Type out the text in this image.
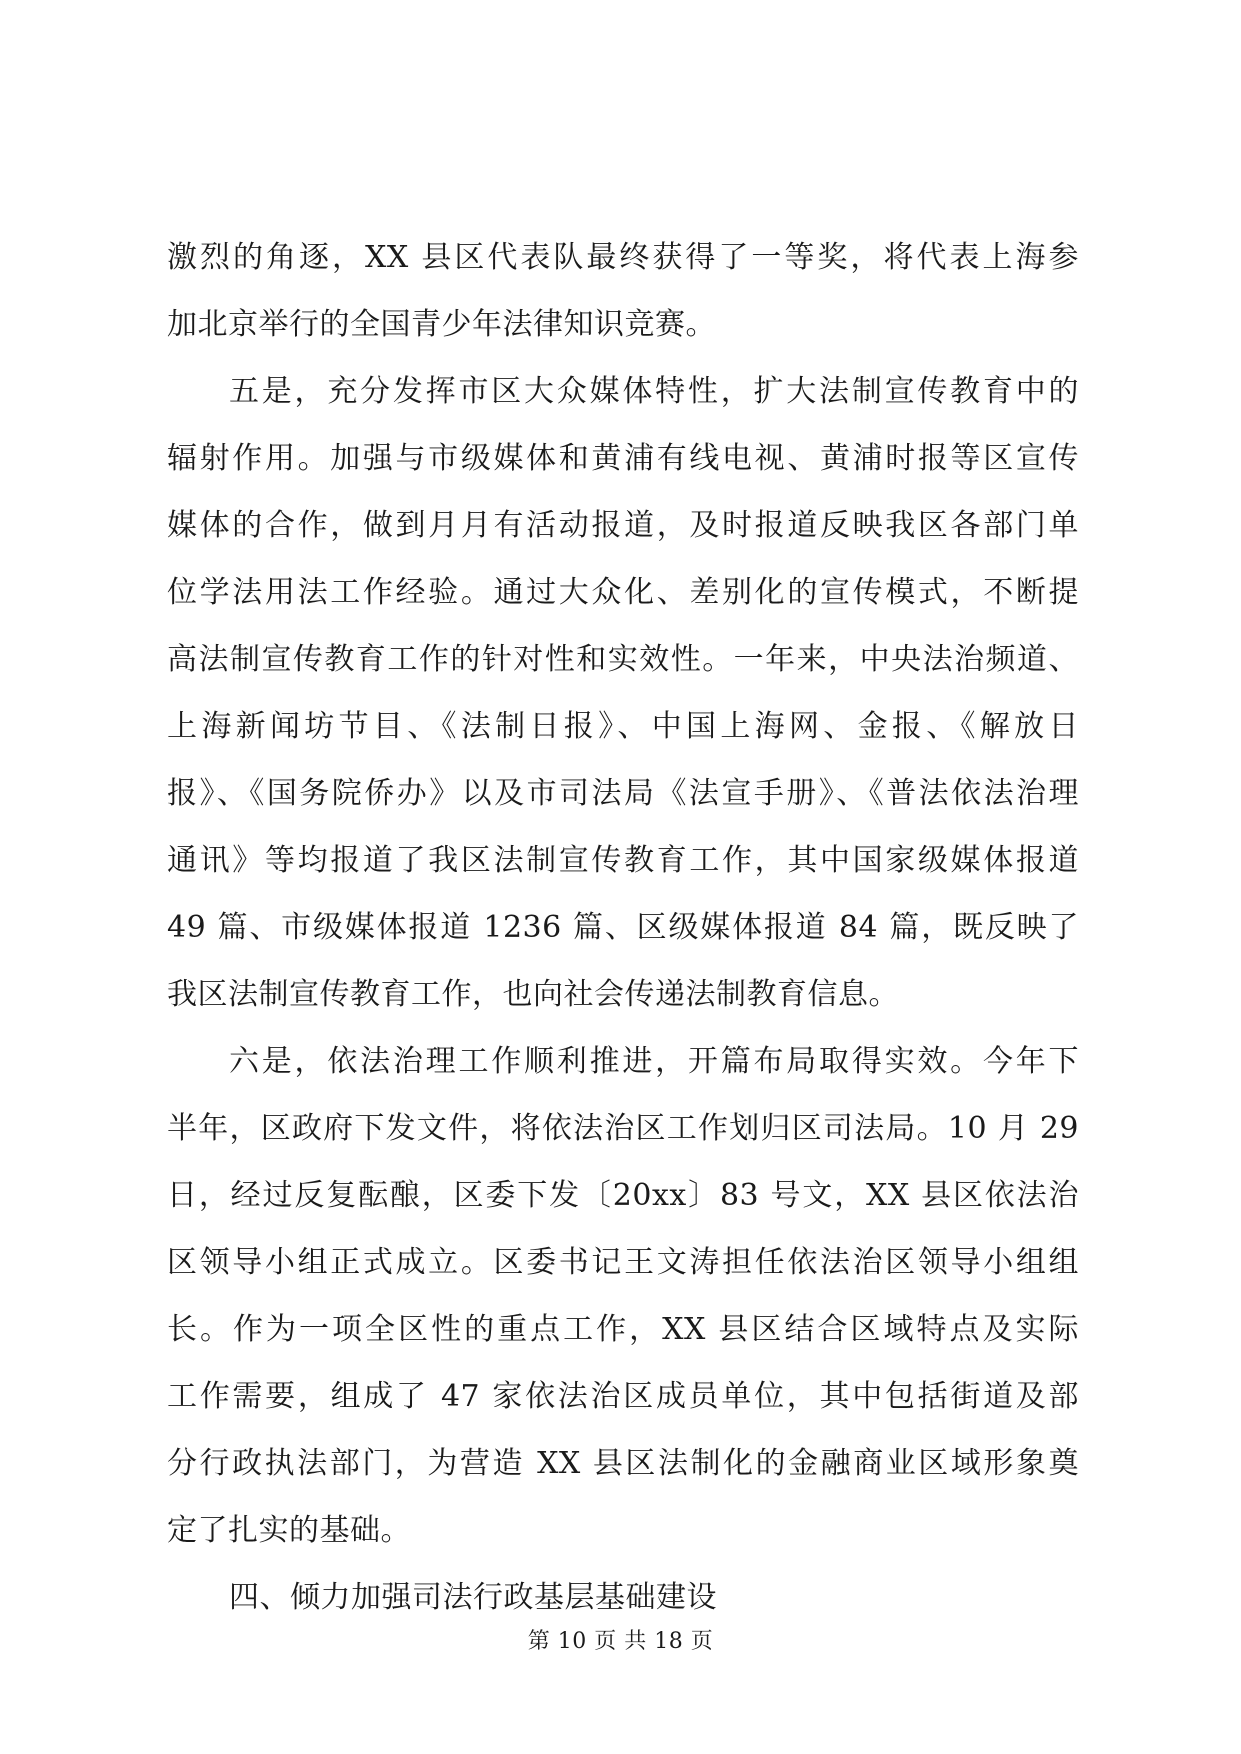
激烈的角逐，XX 县区代表队最终获得了一等奖，将代表上海参
加北京举行的全国青少年法律知识竞赛。
五是，充分发挥市区大众媒体特性，扩大法制宣传教育中的
辐射作用。加强与市级媒体和黄浦有线电视、黄浦时报等区宣传
媒体的合作，做到月月有活动报道，及时报道反映我区各部门单
位学法用法工作经验。通过大众化、差别化的宣传模式，不断提
高法制宣传教育工作的针对性和实效性。一年来，中央法治频道、
上海新闻坊节目、《法制日报》、中国上海网、金报、《解放日
报》、《国务院侨办》以及市司法局《法宣手册》、《普法依法治理
通讯》等均报道了我区法制宣传教育工作，其中国家级媒体报道
49 篇、市级媒体报道 1236 篇、区级媒体报道 84 篇，既反映了
我区法制宣传教育工作，也向社会传递法制教育信息。
六是，依法治理工作顺利推进，开篇布局取得实效。今年下
半年，区政府下发文件，将依法治区工作划归区司法局。10 月 29
日，经过反复酝酿，区委下发〔20xx〕83 号文，XX 县区依法治
区领导小组正式成立。区委书记王文涛担任依法治区领导小组组
长。作为一项全区性的重点工作，XX 县区结合区域特点及实际
工作需要，组成了 47 家依法治区成员单位，其中包括街道及部
分行政执法部门，为营造 XX 县区法制化的金融商业区域形象奠
定了扎实的基础。
四、倾力加强司法行政基层基础建设
第 10 页 共 18 页
